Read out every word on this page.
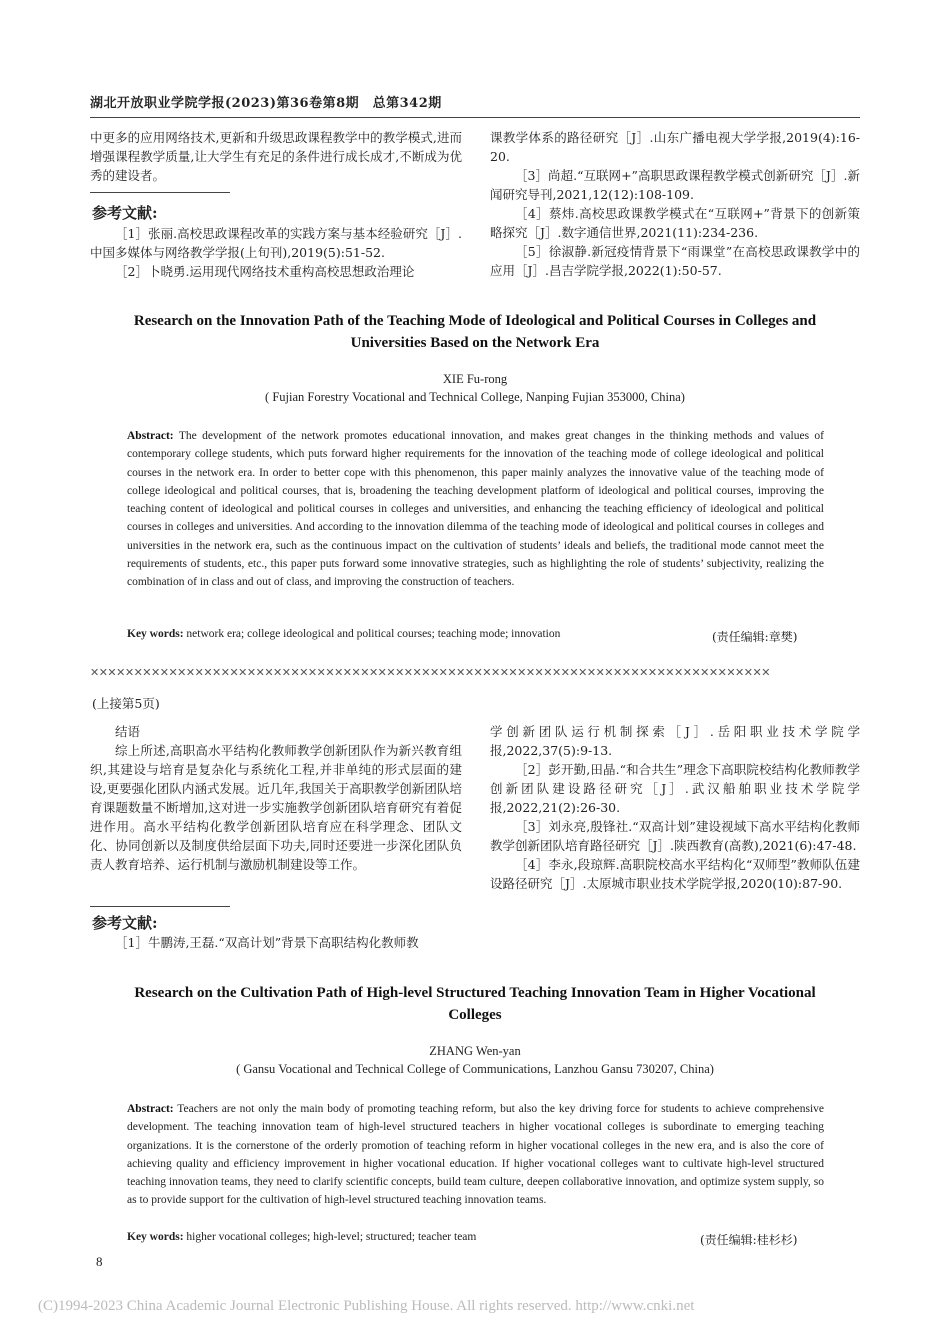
湖北开放职业学院学报(2023)第36卷第8期　总第342期

中更多的应用网络技术,更新和升级思政课程教学中的教学模式,进而增强课程教学质量,让大学生有充足的条件进行成长成才,不断成为优秀的建设者。

参考文献:

［1］张丽.高校思政课程改革的实践方案与基本经验研究［J］.中国多媒体与网络教学学报(上旬刊),2019(5):51-52.

［2］卜晓勇.运用现代网络技术重构高校思想政治理论

课教学体系的路径研究［J］.山东广播电视大学学报,2019(4):16-20.

［3］尚超.“互联网+”高职思政课程教学模式创新研究［J］.新闻研究导刊,2021,12(12):108-109.

［4］蔡炜.高校思政课教学模式在“互联网+”背景下的创新策略探究［J］.数字通信世界,2021(11):234-236.

［5］徐淑静.新冠疫情背景下“雨课堂”在高校思政课教学中的应用［J］.昌吉学院学报,2022(1):50-57.

Research on the Innovation Path of the Teaching Mode of Ideological and Political Courses in Colleges and Universities Based on the Network Era
XIE Fu-rong
( Fujian Forestry Vocational and Technical College, Nanping Fujian 353000, China)
Abstract: The development of the network promotes educational innovation, and makes great changes in the thinking methods and values of contemporary college students, which puts forward higher requirements for the innovation of the teaching mode of college ideological and political courses in the network era. In order to better cope with this phenomenon, this paper mainly analyzes the innovative value of the teaching mode of college ideological and political courses, that is, broadening the teaching development platform of ideological and political courses, improving the teaching content of ideological and political courses in colleges and universities, and enhancing the teaching efficiency of ideological and political courses in colleges and universities. And according to the innovation dilemma of the teaching mode of ideological and political courses in colleges and universities in the network era, such as the continuous impact on the cultivation of students’ ideals and beliefs, the traditional mode cannot meet the requirements of students, etc., this paper puts forward some innovative strategies, such as highlighting the role of students’ subjectivity, realizing the combination of in class and out of class, and improving the construction of teachers.
Key words: network era; college ideological and political courses; teaching mode; innovation	(责任编辑:章樊)
✕✕✕✕✕✕✕✕✕✕✕✕✕✕✕✕✕✕✕✕✕✕✕✕✕✕✕✕✕✕✕✕✕✕✕✕✕✕✕✕✕✕✕✕✕✕✕✕✕✕✕✕✕✕✕✕✕✕✕✕✕✕✕✕✕✕✕✕✕✕✕✕✕✕✕✕✕✕
(上接第5页)

结语

综上所述,高职高水平结构化教师教学创新团队作为新兴教育组织,其建设与培育是复杂化与系统化工程,并非单纯的形式层面的建设,更要强化团队内涵式发展。近几年,我国关于高职教学创新团队培育课题数量不断增加,这对进一步实施教学创新团队培育研究有着促进作用。高水平结构化教学创新团队培育应在科学理念、团队文化、协同创新以及制度供给层面下功夫,同时还要进一步深化团队负责人教育培养、运行机制与激励机制建设等工作。

参考文献:

［1］牛鹏涛,王磊.“双高计划”背景下高职结构化教师教

学创新团队运行机制探索［J］.岳阳职业技术学院学报,2022,37(5):9-13.

［2］彭开勤,田晶.“和合共生”理念下高职院校结构化教师教学创新团队建设路径研究［J］.武汉船舶职业技术学院学报,2022,21(2):26-30.

［3］刘永亮,殷锋社.“双高计划”建设视域下高水平结构化教师教学创新团队培育路径研究［J］.陕西教育(高教),2021(6):47-48.

［4］李永,段琼辉.高职院校高水平结构化“双师型”教师队伍建设路径研究［J］.太原城市职业技术学院学报,2020(10):87-90.

Research on the Cultivation Path of High-level Structured Teaching Innovation Team in Higher Vocational Colleges
ZHANG Wen-yan
( Gansu Vocational and Technical College of Communications, Lanzhou Gansu 730207, China)
Abstract: Teachers are not only the main body of promoting teaching reform, but also the key driving force for students to achieve comprehensive development. The teaching innovation team of high-level structured teachers in higher vocational colleges is subordinate to emerging teaching organizations. It is the cornerstone of the orderly promotion of teaching reform in higher vocational colleges in the new era, and is also the core of achieving quality and efficiency improvement in higher vocational education. If higher vocational colleges want to cultivate high-level structured teaching innovation teams, they need to clarify scientific concepts, build team culture, deepen collaborative innovation, and optimize system supply, so as to provide support for the cultivation of high-level structured teaching innovation teams.
Key words: higher vocational colleges; high-level; structured; teacher team	(责任编辑:桂杉杉)
8
(C)1994-2023 China Academic Journal Electronic Publishing House. All rights reserved. http://www.cnki.net
